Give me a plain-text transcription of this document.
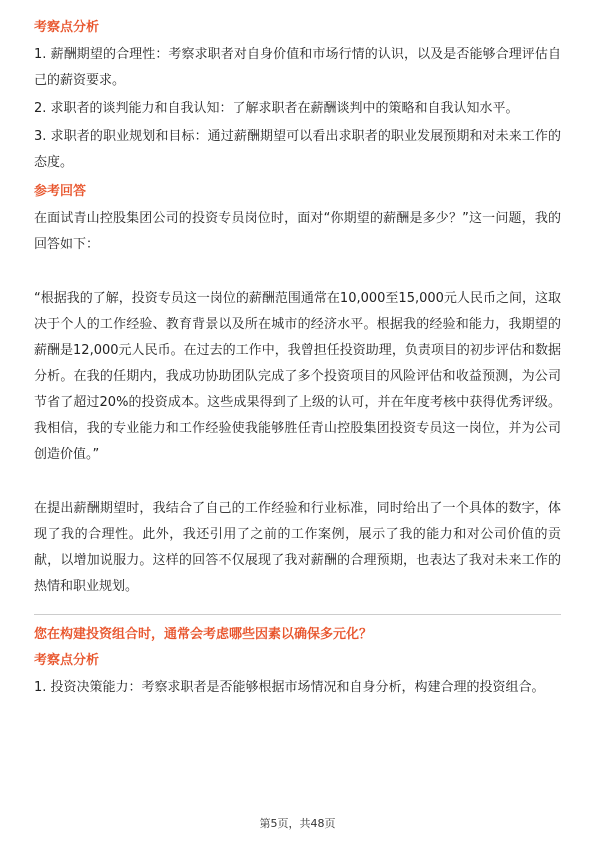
考察点分析

1. 薪酬期望的合理性：考察求职者对自身价值和市场行情的认识，以及是否能够合理评估自己的薪资要求。

2. 求职者的谈判能力和自我认知：了解求职者在薪酬谈判中的策略和自我认知水平。

3. 求职者的职业规划和目标：通过薪酬期望可以看出求职者的职业发展预期和对未来工作的态度。

参考回答

在面试青山控股集团公司的投资专员岗位时，面对“你期望的薪酬是多少？”这一问题，我的回答如下：

“根据我的了解，投资专员这一岗位的薪酬范围通常在10,000至15,000元人民币之间，这取决于个人的工作经验、教育背景以及所在城市的经济水平。根据我的经验和能力，我期望的薪酬是12,000元人民币。在过去的工作中，我曾担任投资助理，负责项目的初步评估和数据分析。在我的任期内，我成功协助团队完成了多个投资项目的风险评估和收益预测，为公司节省了超过20%的投资成本。这些成果得到了上级的认可，并在年度考核中获得优秀评级。我相信，我的专业能力和工作经验使我能够胜任青山控股集团投资专员这一岗位，并为公司创造价值。”

在提出薪酬期望时，我结合了自己的工作经验和行业标准，同时给出了一个具体的数字，体现了我的合理性。此外，我还引用了之前的工作案例，展示了我的能力和对公司价值的贡献，以增加说服力。这样的回答不仅展现了我对薪酬的合理预期，也表达了我对未来工作的热情和职业规划。

您在构建投资组合时，通常会考虑哪些因素以确保多元化？
考察点分析

1. 投资决策能力：考察求职者是否能够根据市场情况和自身分析，构建合理的投资组合。

第5页，共48页
